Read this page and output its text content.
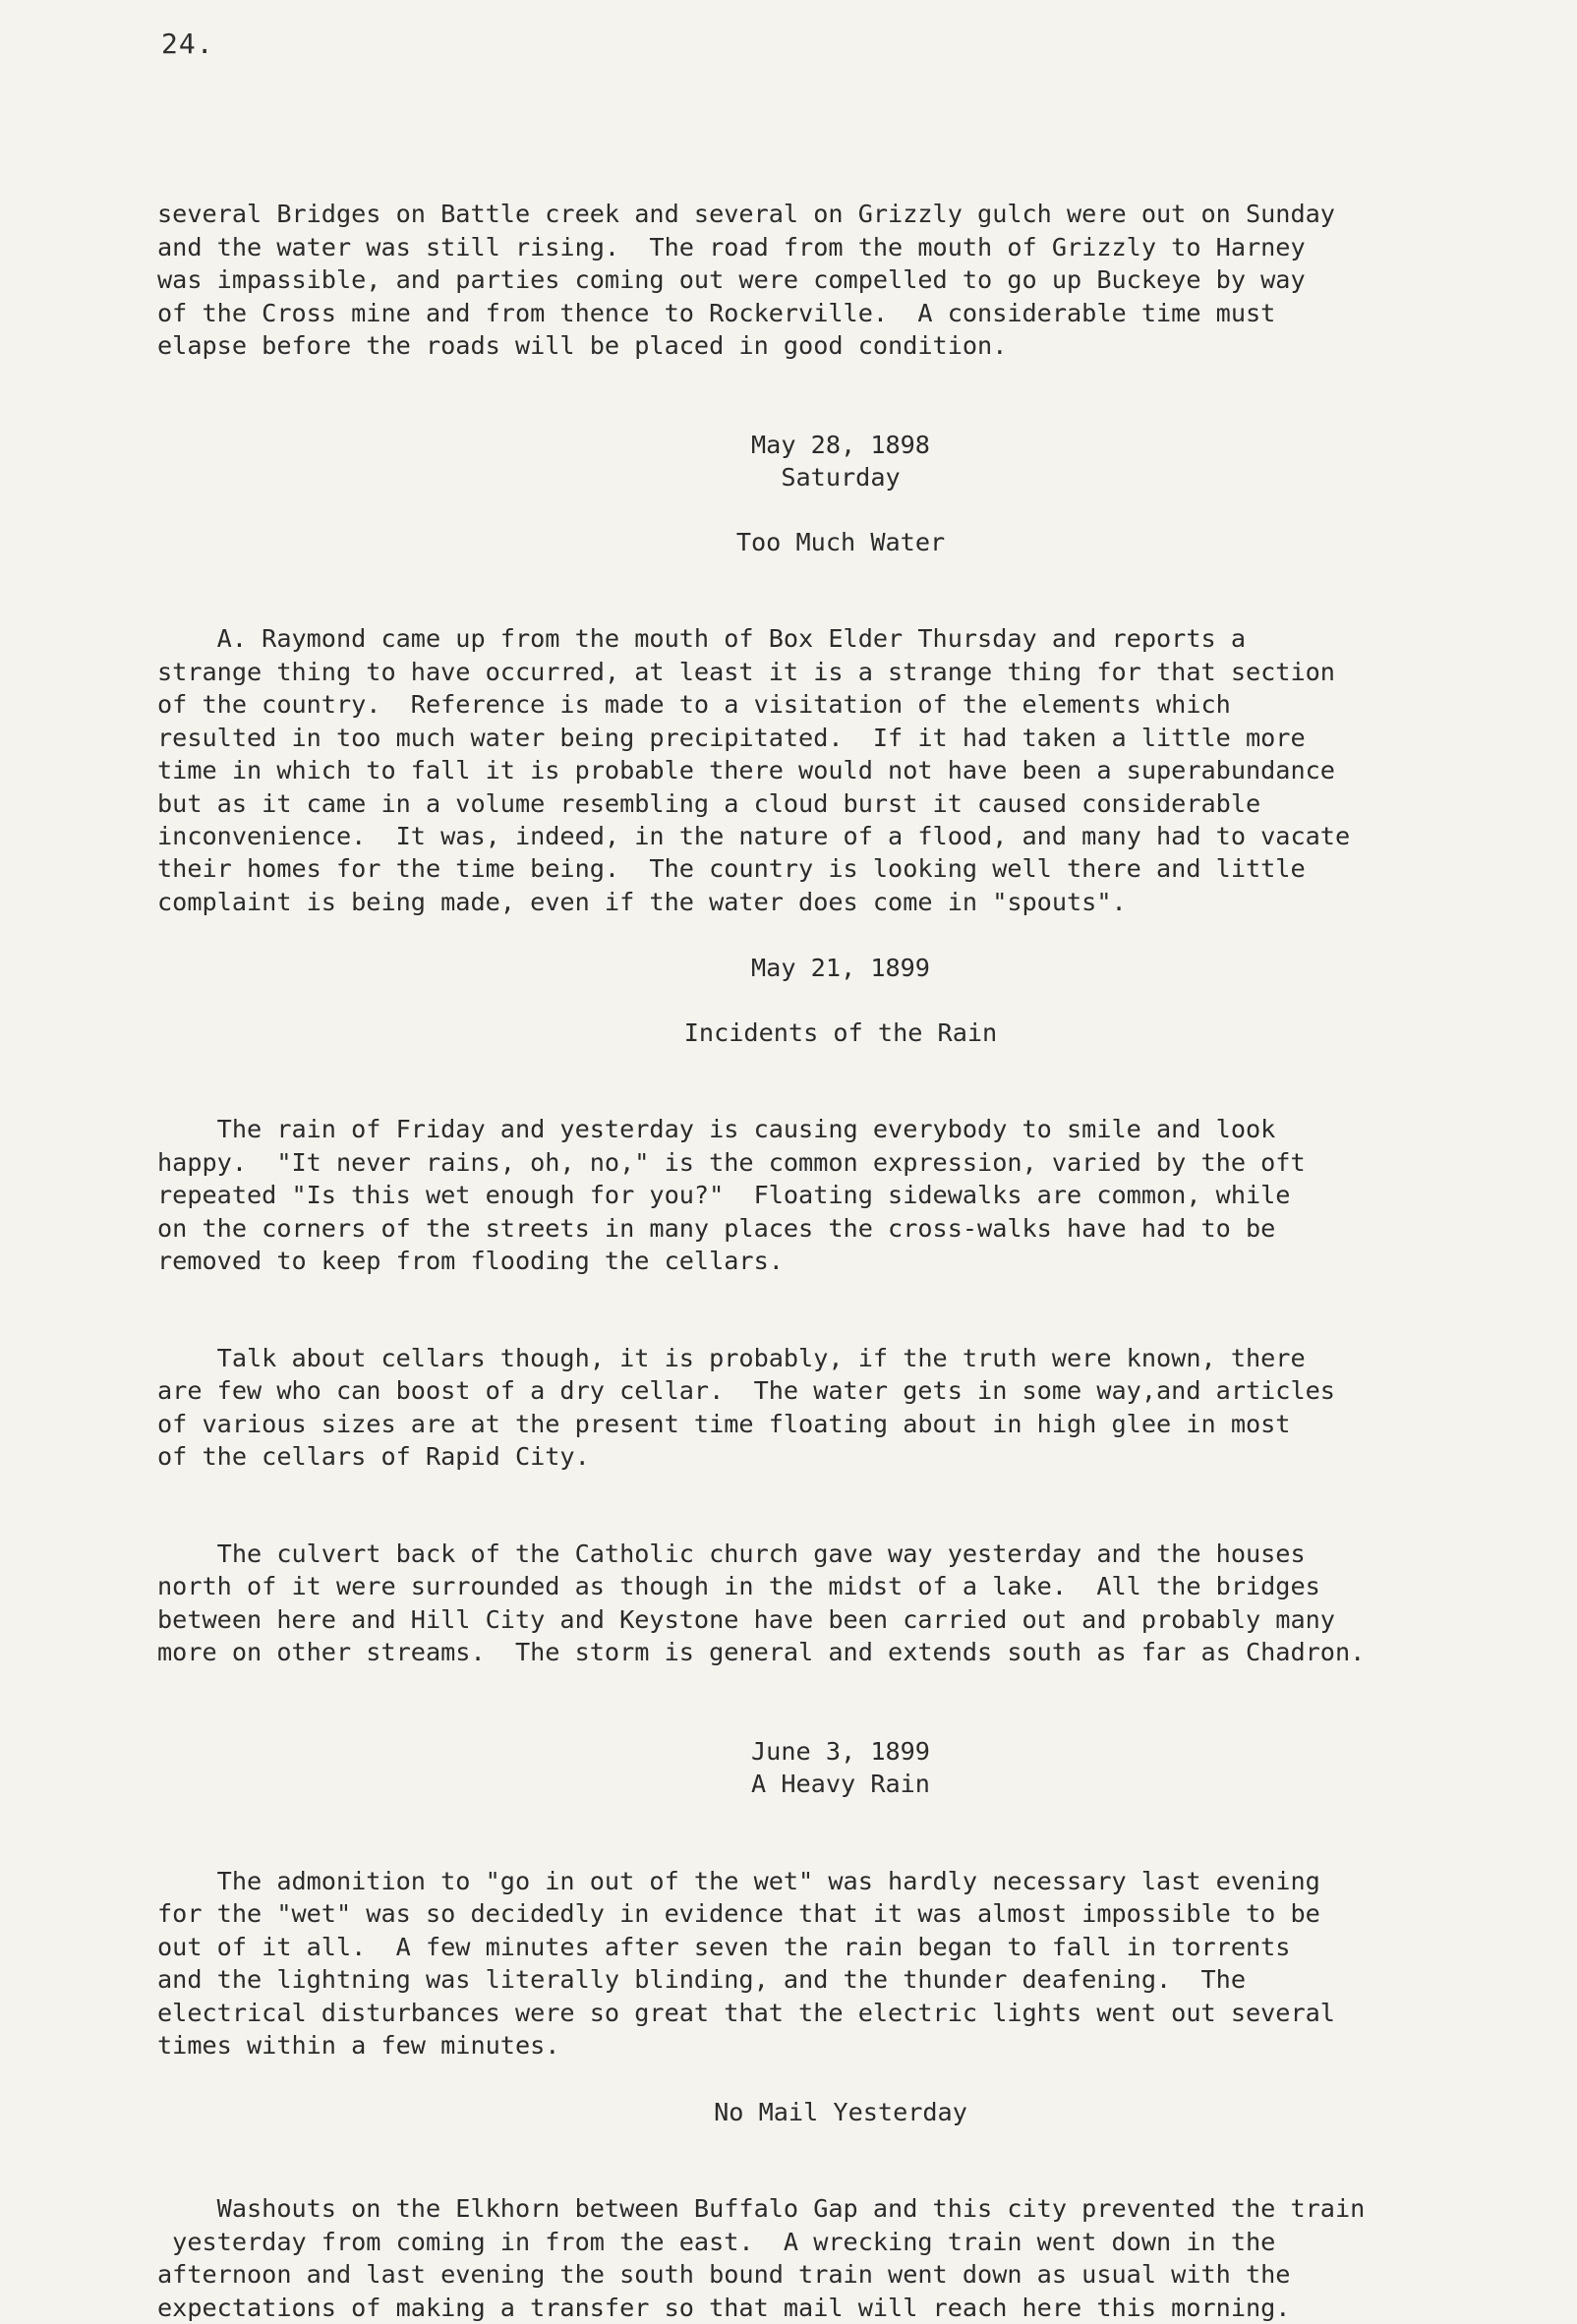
24.

several Bridges on Battle creek and several on Grizzly gulch were out on Sunday
and the water was still rising.  The road from the mouth of Grizzly to Harney
was impassible, and parties coming out were compelled to go up Buckeye by way
of the Cross mine and from thence to Rockerville.  A considerable time must
elapse before the roads will be placed in good condition.

May 28, 1898
Saturday

Too Much Water

A. Raymond came up from the mouth of Box Elder Thursday and reports a
strange thing to have occurred, at least it is a strange thing for that section
of the country.  Reference is made to a visitation of the elements which
resulted in too much water being precipitated.  If it had taken a little more
time in which to fall it is probable there would not have been a superabundance
but as it came in a volume resembling a cloud burst it caused considerable
inconvenience.  It was, indeed, in the nature of a flood, and many had to vacate
their homes for the time being.  The country is looking well there and little
complaint is being made, even if the water does come in "spouts".

May 21, 1899

Incidents of the Rain

The rain of Friday and yesterday is causing everybody to smile and look
happy.  "It never rains, oh, no," is the common expression, varied by the oft
repeated "Is this wet enough for you?"  Floating sidewalks are common, while
on the corners of the streets in many places the cross-walks have had to be
removed to keep from flooding the cellars.

Talk about cellars though, it is probably, if the truth were known, there
are few who can boost of a dry cellar.  The water gets in some way,and articles
of various sizes are at the present time floating about in high glee in most
of the cellars of Rapid City.

The culvert back of the Catholic church gave way yesterday and the houses
north of it were surrounded as though in the midst of a lake.  All the bridges
between here and Hill City and Keystone have been carried out and probably many
more on other streams.  The storm is general and extends south as far as Chadron.

June 3, 1899
A Heavy Rain

The admonition to "go in out of the wet" was hardly necessary last evening
for the "wet" was so decidedly in evidence that it was almost impossible to be
out of it all.  A few minutes after seven the rain began to fall in torrents
and the lightning was literally blinding, and the thunder deafening.  The
electrical disturbances were so great that the electric lights went out several
times within a few minutes.

No Mail Yesterday

Washouts on the Elkhorn between Buffalo Gap and this city prevented the train
yesterday from coming in from the east.  A wrecking train went down in the
afternoon and last evening the south bound train went down as usual with the
expectations of making a transfer so that mail will reach here this morning.
